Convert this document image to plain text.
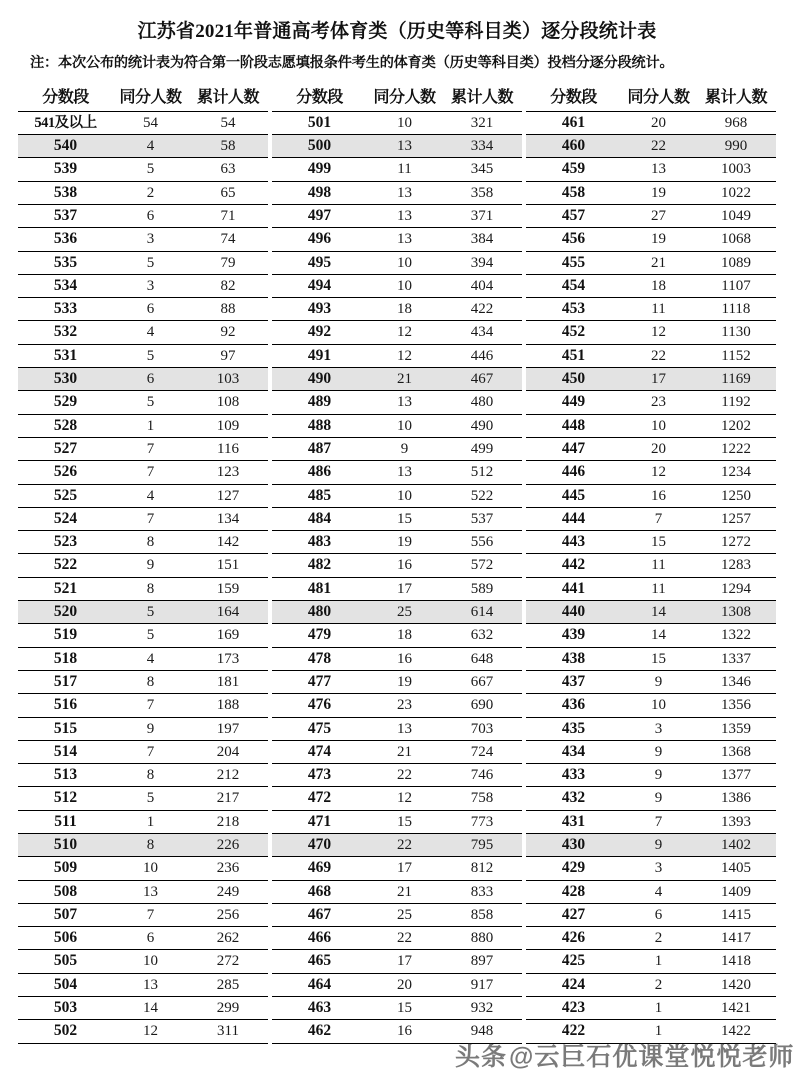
江苏省2021年普通高考体育类（历史等科目类）逐分段统计表

注：本次公布的统计表为符合第一阶段志愿填报条件考生的体育类（历史等科目类）投档分逐分段统计。

分数段	同分人数	累计人数
541及以上	54	54
540	4	58
539	5	63
538	2	65
537	6	71
536	3	74
535	5	79
534	3	82
533	6	88
532	4	92
531	5	97
530	6	103
529	5	108
528	1	109
527	7	116
526	7	123
525	4	127
524	7	134
523	8	142
522	9	151
521	8	159
520	5	164
519	5	169
518	4	173
517	8	181
516	7	188
515	9	197
514	7	204
513	8	212
512	5	217
511	1	218
510	8	226
509	10	236
508	13	249
507	7	256
506	6	262
505	10	272
504	13	285
503	14	299
502	12	311
分数段	同分人数	累计人数
501	10	321
500	13	334
499	11	345
498	13	358
497	13	371
496	13	384
495	10	394
494	10	404
493	18	422
492	12	434
491	12	446
490	21	467
489	13	480
488	10	490
487	9	499
486	13	512
485	10	522
484	15	537
483	19	556
482	16	572
481	17	589
480	25	614
479	18	632
478	16	648
477	19	667
476	23	690
475	13	703
474	21	724
473	22	746
472	12	758
471	15	773
470	22	795
469	17	812
468	21	833
467	25	858
466	22	880
465	17	897
464	20	917
463	15	932
462	16	948
分数段	同分人数	累计人数
461	20	968
460	22	990
459	13	1003
458	19	1022
457	27	1049
456	19	1068
455	21	1089
454	18	1107
453	11	1118
452	12	1130
451	22	1152
450	17	1169
449	23	1192
448	10	1202
447	20	1222
446	12	1234
445	16	1250
444	7	1257
443	15	1272
442	11	1283
441	11	1294
440	14	1308
439	14	1322
438	15	1337
437	9	1346
436	10	1356
435	3	1359
434	9	1368
433	9	1377
432	9	1386
431	7	1393
430	9	1402
429	3	1405
428	4	1409
427	6	1415
426	2	1417
425	1	1418
424	2	1420
423	1	1421
422	1	1422
头条@云巨石优课堂悦悦老师
